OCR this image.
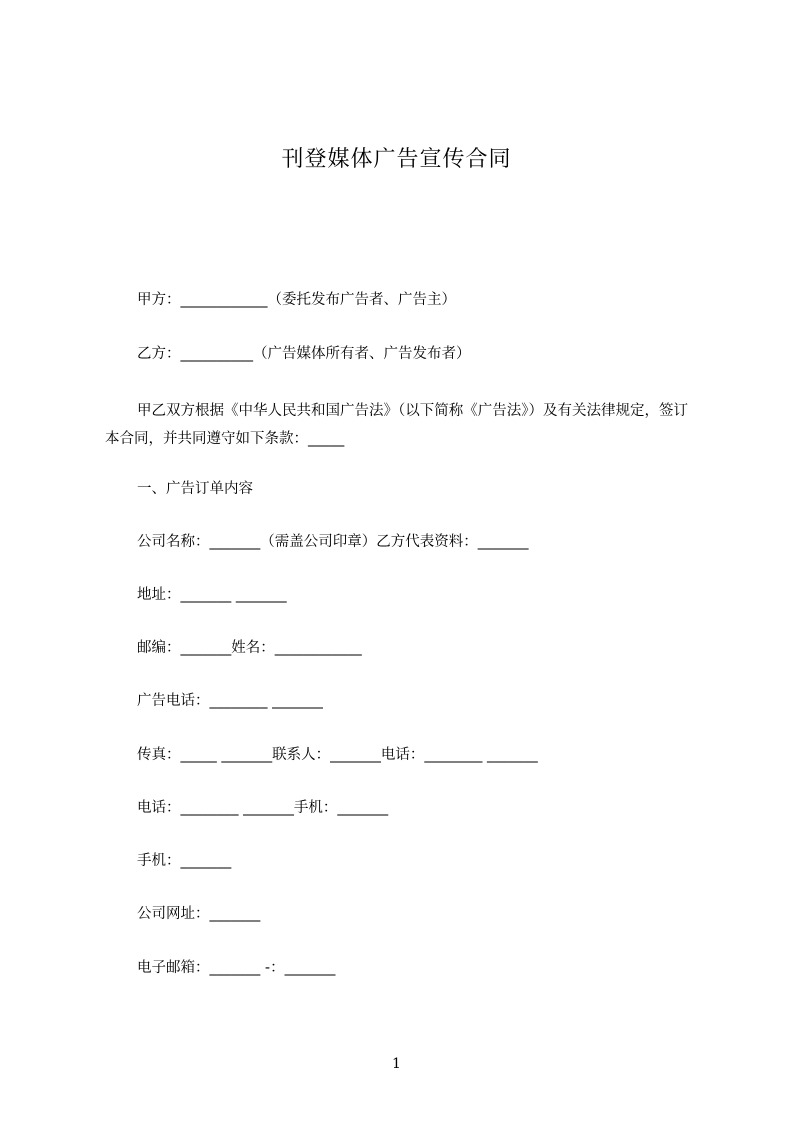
刊登媒体广告宣传合同
甲方：____________（委托发布广告者、广告主）
乙方：__________（广告媒体所有者、广告发布者）
甲乙双方根据《中华人民共和国广告法》（以下简称《广告法》）及有关法律规定，签订本合同，并共同遵守如下条款：_____
一、广告订单内容
公司名称：_______（需盖公司印章）乙方代表资料：_______
地址：_______ _______
邮编：_______姓名：____________
广告电话：________ _______
传真：_____ _______联系人：_______电话：________ _______
电话：________ _______手机：_______
手机：_______
公司网址：_______
电子邮箱：_______ -：_______
1
